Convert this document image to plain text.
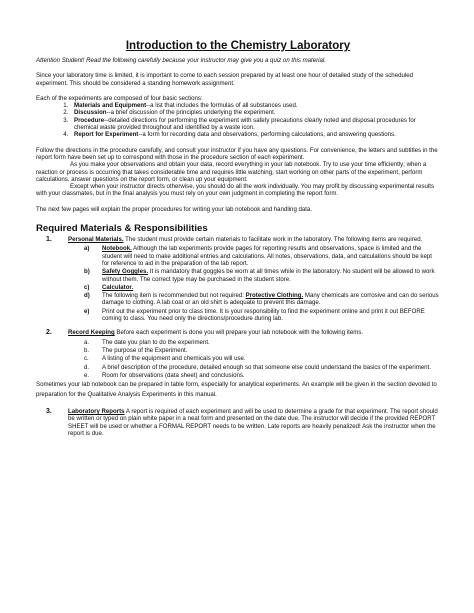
Introduction to the Chemistry Laboratory

Attention Student! Read the following carefully because your instructor may give you a quiz on this material.

Since your laboratory time is limited, it is important to come to each session prepared by at least one hour of detailed study of the scheduled experiment. This should be considered a standing homework assignment.

Each of the experiments are composed of four basic sections:

1. Materials and Equipment--a list that includes the formulas of all substances used.
2. Discussion--a brief discussion of the principles underlying the experiment.
3. Procedure--detailed directions for performing the experiment with safety precautions clearly noted and disposal procedures for chemical waste provided throughout and identified by a waste icon.
4. Report for Experiment--a form for recording data and observations, performing calculations, and answering questions.

Follow the directions in the procedure carefully, and consult your instructor if you have any questions. For convenience, the letters and subtitles in the report form have been set up to correspond with those in the procedure section of each experiment.

As you make your observations and obtain your data, record everything in your lab notebook. Try to use your time efficiently; when a reaction or process is occurring that takes considerable time and requires little watching, start working on other parts of the experiment, perform calculations, answer questions on the report form, or clean up your equipment.

Except when your instructor directs otherwise, you should do all the work individually. You may profit by discussing experimental results with your classmates, but in the final analysis you must rely on your own judgment in completing the report form.

The next few pages will explain the proper procedures for writing your lab notebook and handling data.

Required Materials & Responsibilities
1.	Personal Materials. The student must provide certain materials to facilitate work in the laboratory. The following items are required.
a) Notebook. Although the lab experiments provide pages for reporting results and observations, space is limited and the student will need to make additional entries and calculations. All notes, observations, data, and calculations should be kept for reference to aid in the preparation of the lab report.
b) Safety Goggles. It is mandatory that goggles be worn at all times while in the laboratory. No student will be allowed to work without them. The correct type may be purchased in the student store.
c) Calculator.
d) The following item is recommended but not required: Protective Clothing. Many chemicals are corrosive and can do serious damage to clothing. A lab coat or an old shirt is adequate to prevent this damage.
e) Print out the experiment prior to class time. It is your responsibility to find the experiment online and print it out BEFORE coming to class. You need only the directions/procedure during lab.
2.	Record Keeping Before each experiment is done you will prepare your lab notebook with the following items.
a. The date you plan to do the experiment.
b. The purpose of the Experiment.
c. A listing of the equipment and chemicals you will use.
d. A brief description of the procedure, detailed enough so that someone else could understand the basics of the experiment.
e. Room for observations (data sheet) and conclusions.

Sometimes your lab notebook can be prepared in table form, especially for analytical experiments. An example will be given in the section devoted to preparation for the Qualitative Analysis Experiments in this manual.

3.	Laboratory Reports A report is required of each experiment and will be used to determine a grade for that experiment. The report should be written or typed on plain white paper in a neat form and presented on the date due. The instructor will decide if the provided REPORT SHEET will be used or whether a FORMAL REPORT needs to be written. Late reports are heavily penalized! Ask the instructor when the report is due.
